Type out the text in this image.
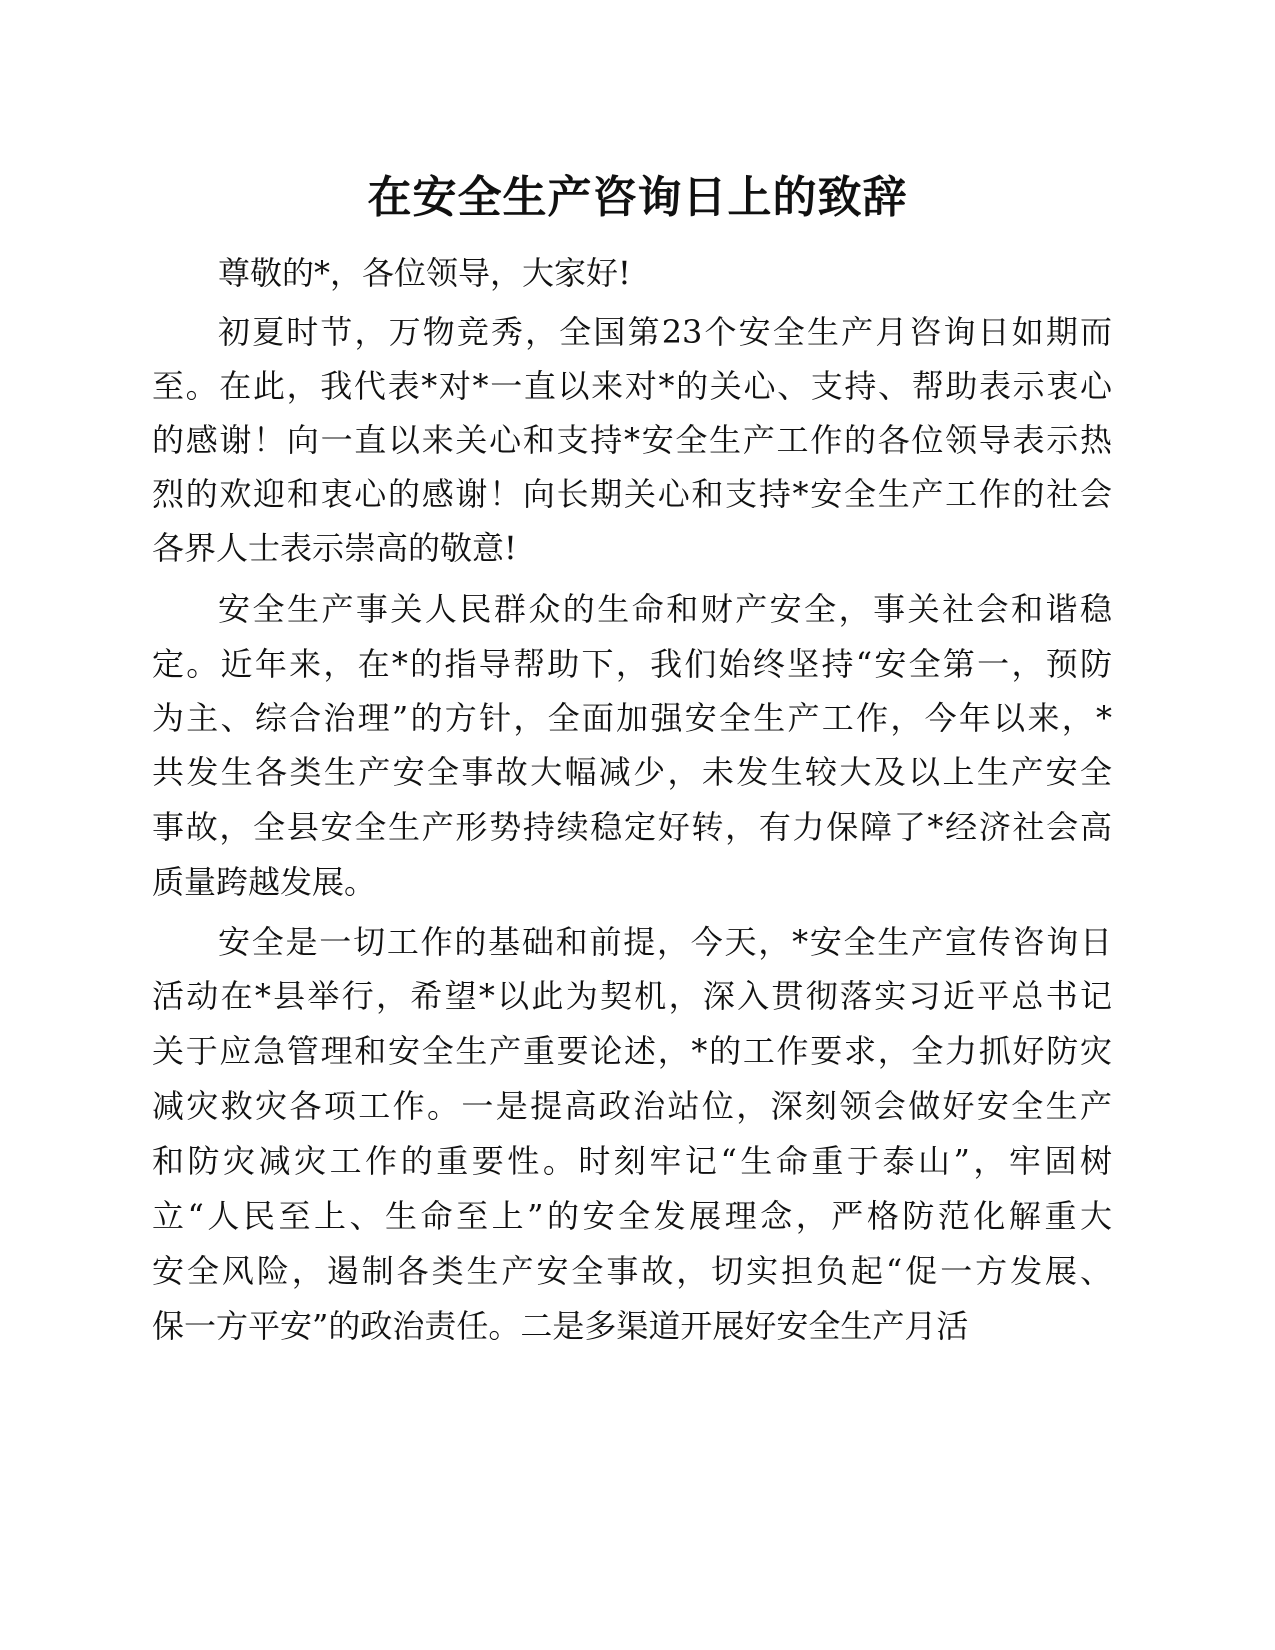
在安全生产咨询日上的致辞
尊敬的*，各位领导，大家好!
初夏时节，万物竞秀，全国第23个安全生产月咨询日如期而
至。在此，我代表*对*一直以来对*的关心、支持、帮助表示衷心
的感谢！向一直以来关心和支持*安全生产工作的各位领导表示热
烈的欢迎和衷心的感谢！向长期关心和支持*安全生产工作的社会
各界人士表示崇高的敬意!
安全生产事关人民群众的生命和财产安全，事关社会和谐稳
定。近年来，在*的指导帮助下，我们始终坚持“安全第一，预防
为主、综合治理”的方针，全面加强安全生产工作，今年以来，*
共发生各类生产安全事故大幅减少，未发生较大及以上生产安全
事故，全县安全生产形势持续稳定好转，有力保障了*经济社会高
质量跨越发展。
安全是一切工作的基础和前提，今天，*安全生产宣传咨询日
活动在*县举行，希望*以此为契机，深入贯彻落实习近平总书记
关于应急管理和安全生产重要论述，*的工作要求，全力抓好防灾
减灾救灾各项工作。一是提高政治站位，深刻领会做好安全生产
和防灾减灾工作的重要性。时刻牢记“生命重于泰山”，牢固树
立“人民至上、生命至上”的安全发展理念，严格防范化解重大
安全风险，遏制各类生产安全事故，切实担负起“促一方发展、
保一方平安”的政治责任。二是多渠道开展好安全生产月活
